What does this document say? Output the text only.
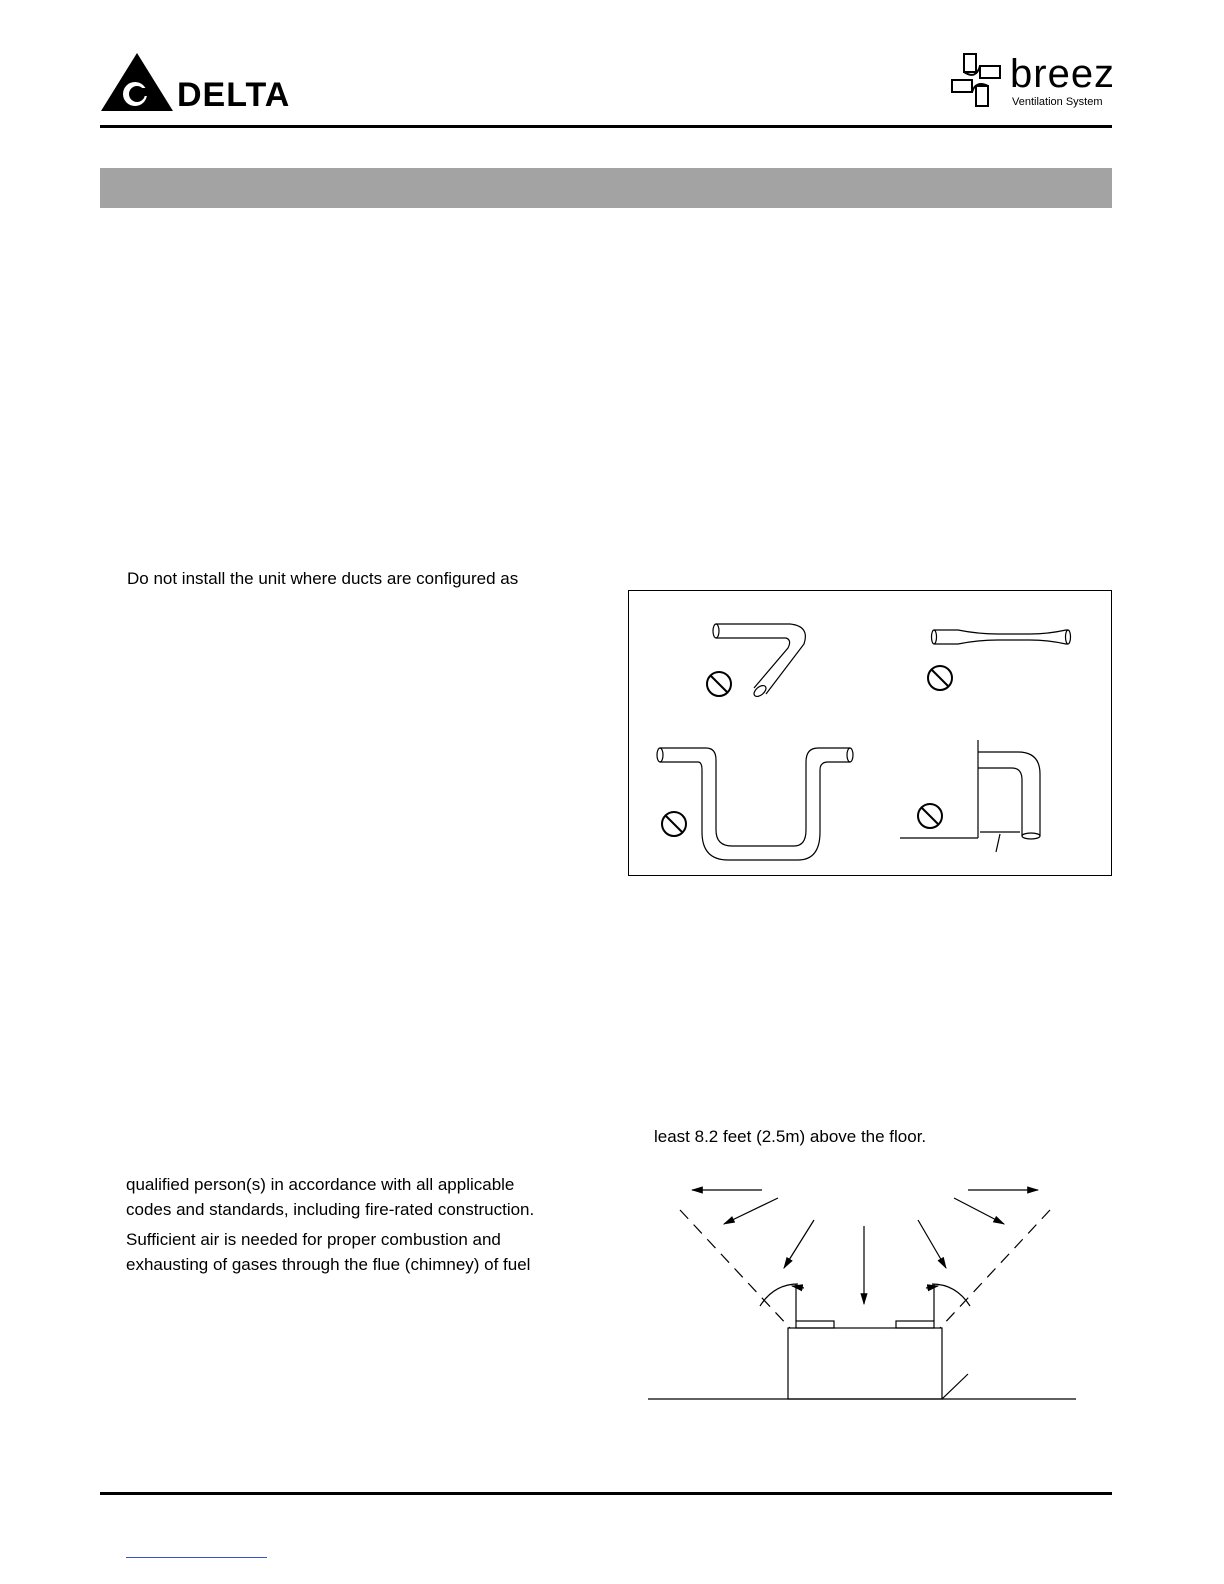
DELTA	breez
Ventilation System
Do not install the unit where ducts are configured as
qualified person(s) in accordance with all applicable
codes and standards, including fire-rated construction.
Sufficient air is needed for proper combustion and
exhausting of gases through the flue (chimney) of fuel
least 8.2 feet (2.5m) above the floor.
